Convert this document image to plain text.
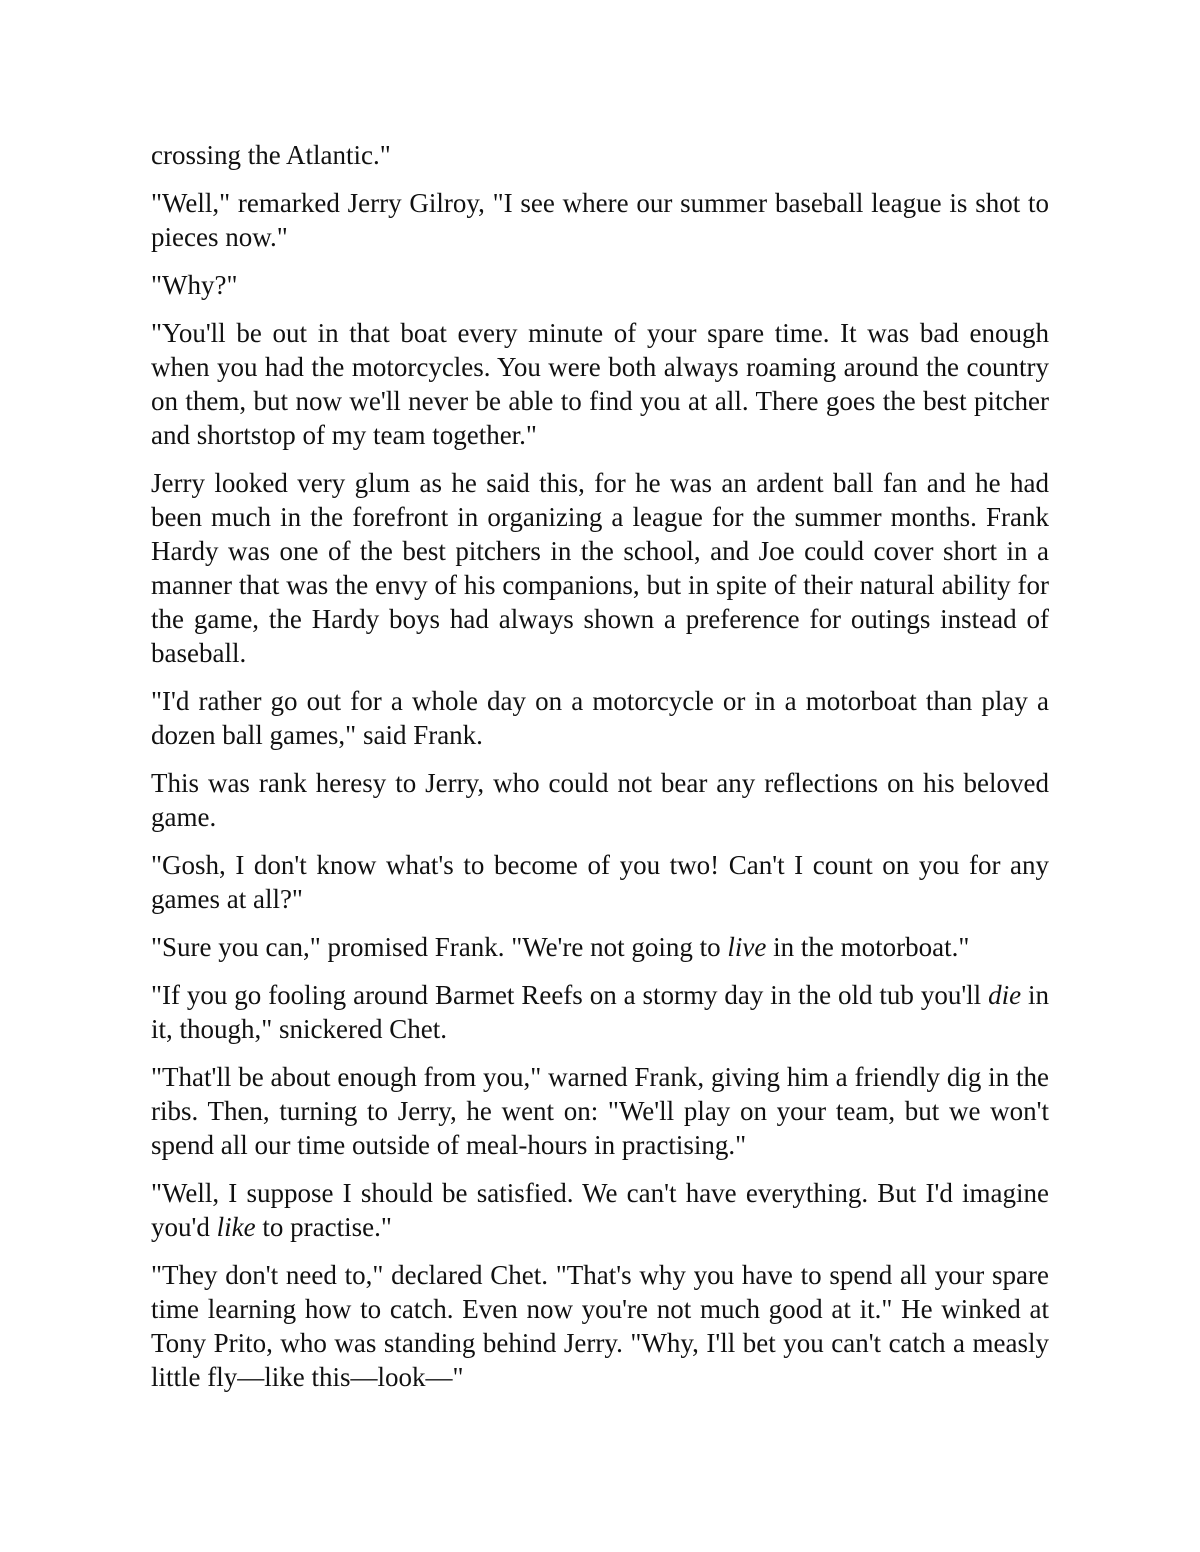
crossing the Atlantic."

"Well," remarked Jerry Gilroy, "I see where our summer baseball league is shot to pieces now."

"Why?"

"You'll be out in that boat every minute of your spare time. It was bad enough when you had the motorcycles. You were both always roaming around the country on them, but now we'll never be able to find you at all. There goes the best pitcher and shortstop of my team together."

Jerry looked very glum as he said this, for he was an ardent ball fan and he had been much in the forefront in organizing a league for the summer months. Frank Hardy was one of the best pitchers in the school, and Joe could cover short in a manner that was the envy of his companions, but in spite of their natural ability for the game, the Hardy boys had always shown a preference for outings instead of baseball.

"I'd rather go out for a whole day on a motorcycle or in a motorboat than play a dozen ball games," said Frank.

This was rank heresy to Jerry, who could not bear any reflections on his beloved game.

"Gosh, I don't know what's to become of you two! Can't I count on you for any games at all?"

"Sure you can," promised Frank. "We're not going to live in the motorboat."

"If you go fooling around Barmet Reefs on a stormy day in the old tub you'll die in it, though," snickered Chet.

"That'll be about enough from you," warned Frank, giving him a friendly dig in the ribs. Then, turning to Jerry, he went on: "We'll play on your team, but we won't spend all our time outside of meal-hours in practising."

"Well, I suppose I should be satisfied. We can't have everything. But I'd imagine you'd like to practise."

"They don't need to," declared Chet. "That's why you have to spend all your spare time learning how to catch. Even now you're not much good at it." He winked at Tony Prito, who was standing behind Jerry. "Why, I'll bet you can't catch a measly little fly—like this—look—"
